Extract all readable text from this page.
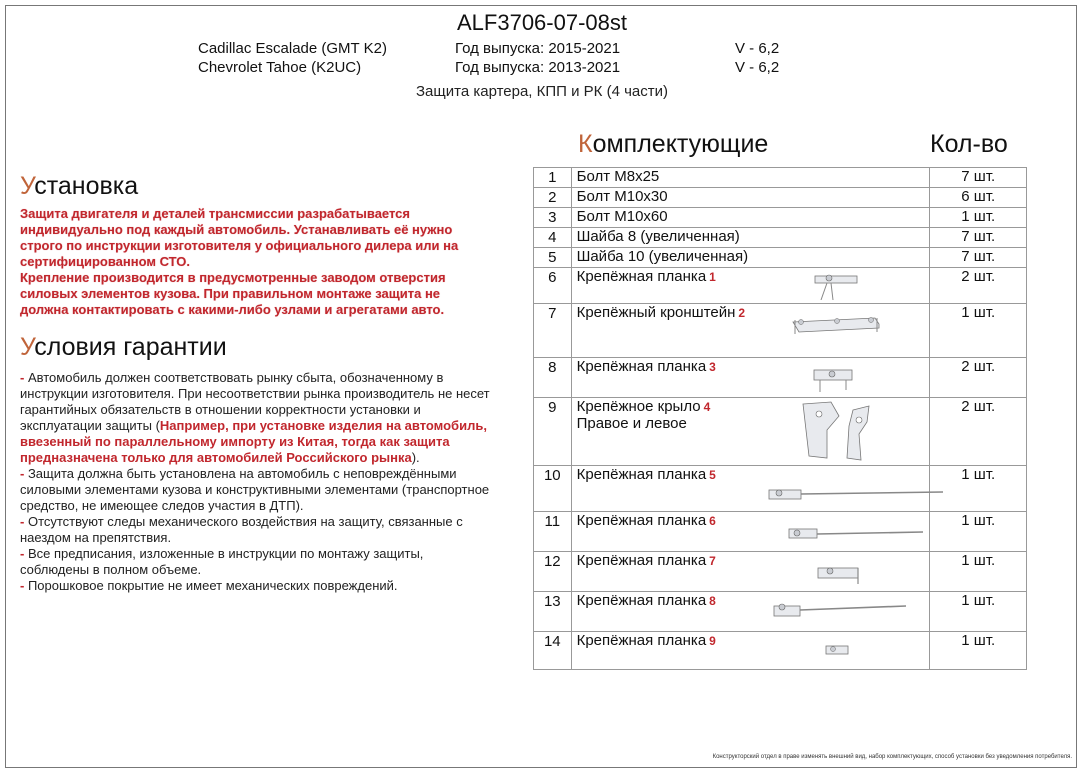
ALF3706-07-08st
Cadillac Escalade (GMT K2)	Год выпуска: 2015-2021	V - 6,2
Chevrolet Tahoe (K2UC)	Год выпуска: 2013-2021	V - 6,2
Защита картера, КПП и РК (4 части)
Установка
Защита двигателя и деталей трансмиссии разрабатывается индивидуально под каждый автомобиль. Устанавливать её нужно строго по инструкции изготовителя у официального дилера или на сертифицированном СТО.
Крепление производится в предусмотренные заводом отверстия силовых элементов кузова. При правильном монтаже защита не должна контактировать с какими-либо узлами и агрегатами авто.
Условия гарантии

- Автомобиль должен соответствовать рынку сбыта, обозначенному в инструкции изготовителя. При несоответствии рынка производитель не несет гарантийных обязательств в отношении корректности установки и эксплуатации защиты (Например, при установке изделия на автомобиль, ввезенный по параллельному импорту из Китая, тогда как защита предназначена только для автомобилей Российского рынка).

- Защита должна быть установлена на автомобиль с неповреждёнными силовыми элементами кузова и конструктивными элементами (транспортное средство, не имеющее следов участия в ДТП).

- Отсутствуют следы механического воздействия на защиту, связанные с наездом на препятствия.

- Все предписания, изложенные в инструкции по монтажу защиты, соблюдены в полном объеме.

- Порошковое покрытие не имеет механических повреждений.

Комплектующие	Кол-во
1	Болт М8х25	7 шт.
2	Болт М10х30	6 шт.
3	Болт М10х60	1 шт.
4	Шайба 8 (увеличенная)	7 шт.
5	Шайба 10 (увеличенная)	7 шт.
6	Крепёжная планка 1	2 шт.
7	Крепёжный кронштейн 2	1 шт.
8	Крепёжная планка 3	2 шт.
9	Крепёжное крыло 4
Правое и левое	2 шт.
10	Крепёжная планка 5	1 шт.
11	Крепёжная планка 6	1 шт.
12	Крепёжная планка 7	1 шт.
13	Крепёжная планка 8	1 шт.
14	Крепёжная планка 9	1 шт.
Конструкторский отдел в праве изменять внешний вид, набор комплектующих, способ установки без уведомления потребителя.
